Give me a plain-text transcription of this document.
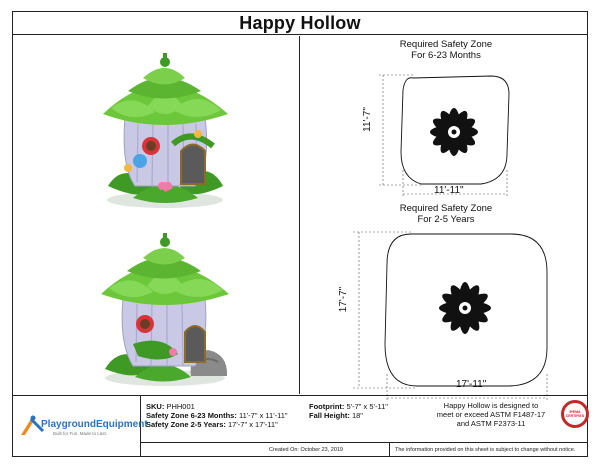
Happy Hollow
Required Safety Zone
For 6-23 Months
11'-7"
11'-11"
Required Safety Zone
For 2-5 Years
17'-7"
17'-11"
PlaygroundEquipment
Built for Fun. Made to Last.
SKU: PHH001
Safety Zone 6-23 Months: 11'-7" x 11'-11"
Safety Zone 2-5 Years: 17'-7" x 17'-11"
Footprint: 5'-7" x 5'-11"
Fall Height: 18"
Happy Hollow is designed to
meet or exceed ASTM F1487-17
and ASTM F2373-11
IPEMA CERTIFIED
Created On: October 23, 2019	The information provided on this sheet is subject to change without notice.
